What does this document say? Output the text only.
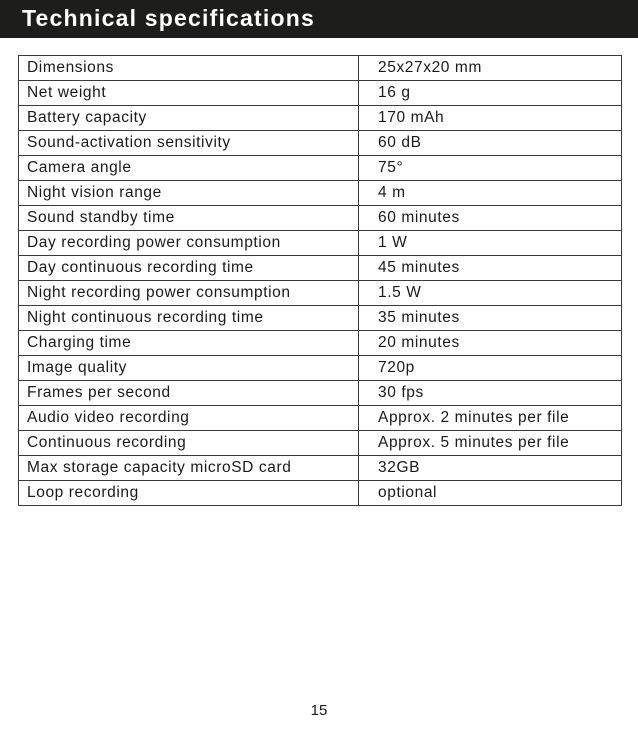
Technical specifications
Dimensions	25x27x20 mm
Net weight	16 g
Battery capacity	170 mAh
Sound-activation sensitivity	60 dB
Camera angle	75°
Night vision range	4 m
Sound standby time	60 minutes
Day recording power consumption	1 W
Day continuous recording time	45 minutes
Night recording power consumption	1.5 W
Night continuous recording time	35 minutes
Charging time	20 minutes
Image quality	720p
Frames per second	30 fps
Audio video recording	Approx. 2 minutes per file
Continuous recording	Approx. 5 minutes per file
Max storage capacity microSD card	32GB
Loop recording	optional
15
